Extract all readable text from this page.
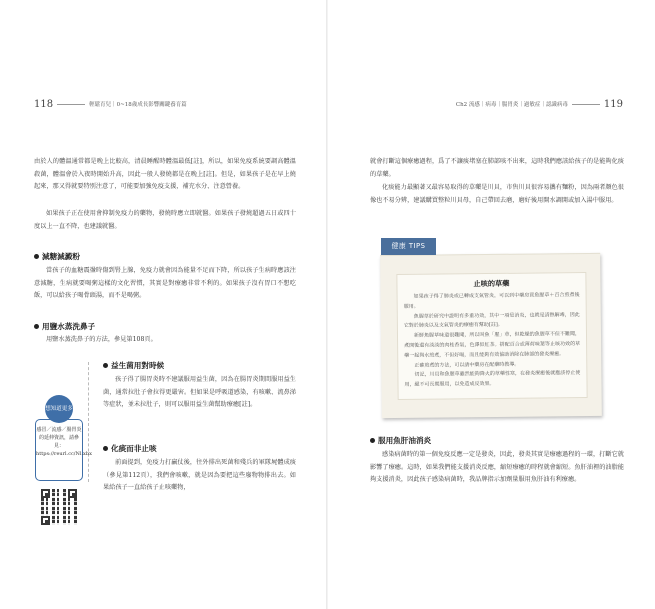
118	輕鬆育兒｜0~18歲成長影響關鍵養育篇
由於人的體溫通常都是晚上比較高，清晨睡醒時體溫最低[註]，所以，如果免疫系統要調高體溫殺菌，體溫會於入夜時開始升高，因此一般人發燒都是在晚上[註]。但是，如果孩子是在早上燒起來，那又得就要特別注意了，可能要加強免疫支援，補充水分、注意營養。
如果孩子正在使用會抑制免疫力的藥物，發燒時應立即就醫。如果孩子發燒超過五日或四十度以上一直不降，也建議就醫。
減糖減澱粉
當孩子的血糖震盪時傷到腎上腺，免疫力就會因為能量不足而下降，所以孩子生病時應該注意減糖，生病就要喝粥這樣的文化習慣，其實是對療癒非常不利的。如果孩子沒有胃口不想吃飯，可以給孩子喝骨頭湯，而不是喝粥。
用鹽水蒸洗鼻子
用鹽水蒸洗鼻子的方法，參見第108頁。
感冒／流感／腸胃炎的延伸資訊，請參見：https://reurl.cc/Nl.xbx
想知道更多
益生菌用對時候
孩子得了腸胃炎時不建議服用益生菌，因為在腸胃炎期間服用益生菌，通常拉肚子會拉得更嚴害。但如果是呼吸道感染，有咳嗽、流鼻涕等症狀，並未拉肚子，則可以服用益生菌幫助療癒[註]。
化痰而非止咳
前面提到，免疫力打贏仗後，往外排出死菌和殘兵的軍隊屍體成痰（參見第112頁），我們會咳嗽，就是因為要把這些廢物物排出去。如果給孩子一直給孩子止咳藥物，
Ch2 流感｜病毒｜腸胃炎｜過敏症｜認識病毒	119
就會打斷這個療癒過程，爲了不讓痰堵塞在肺部咳不出來，這時我們應該給孩子的是能夠化痰的草藥。
化痰能力最顯著又最容易取得的草藥是川貝，市售川貝很容易攜有麵粉，因為兩者顏色很像也不易分辨，建議購買整粒川貝母，自己帶回去磨，磨好後用開水調開或加入湯中服用。
止咳的草藥
如果孩子得了肺炎或已轉成支氣管炎，可以到中藥房買魚腥草＋百合煎煮後服用。
魚腥草於研究中證明有多重功效，其中一項是消炎，也就是清熱解毒，因此它對於肺炎以及支氣管炎的療癒有幫助[註]。
新鮮魚腥草味道很難聞，所以叫魚「腥」草，但乾燥的魚腥草不但不難聞，煮開後還有淡淡的肉桂香氣，色澤似紅茶。搭配百合或薄荷味葉等止咳功效的草藥一起與水煎煮，不但好喝，而且能夠有效協助消除在肺部的發炎療癒。
正確煎煮的方法，可以請中藥房在配藥時教導。
切記，川貝和魚腥草雖然能夠降火的草藥性寒，在發炎療癒後就應該停止使用，絕不可長期服用，以免造成反效果。
健康 TIPS
服用魚肝油消炎
感染病菌時的第一個免疫反應一定是發炎，因此，發炎其實是療癒過程的一環，打斷它就影響了療癒。這時，如果我們能支援消炎反應，縮短療癒的時程就會縮短。魚肝油裡的油脂能夠支援消炎，因此孩子感染病菌時，我品牌指示加劑量服用魚肝油有利療癒。
